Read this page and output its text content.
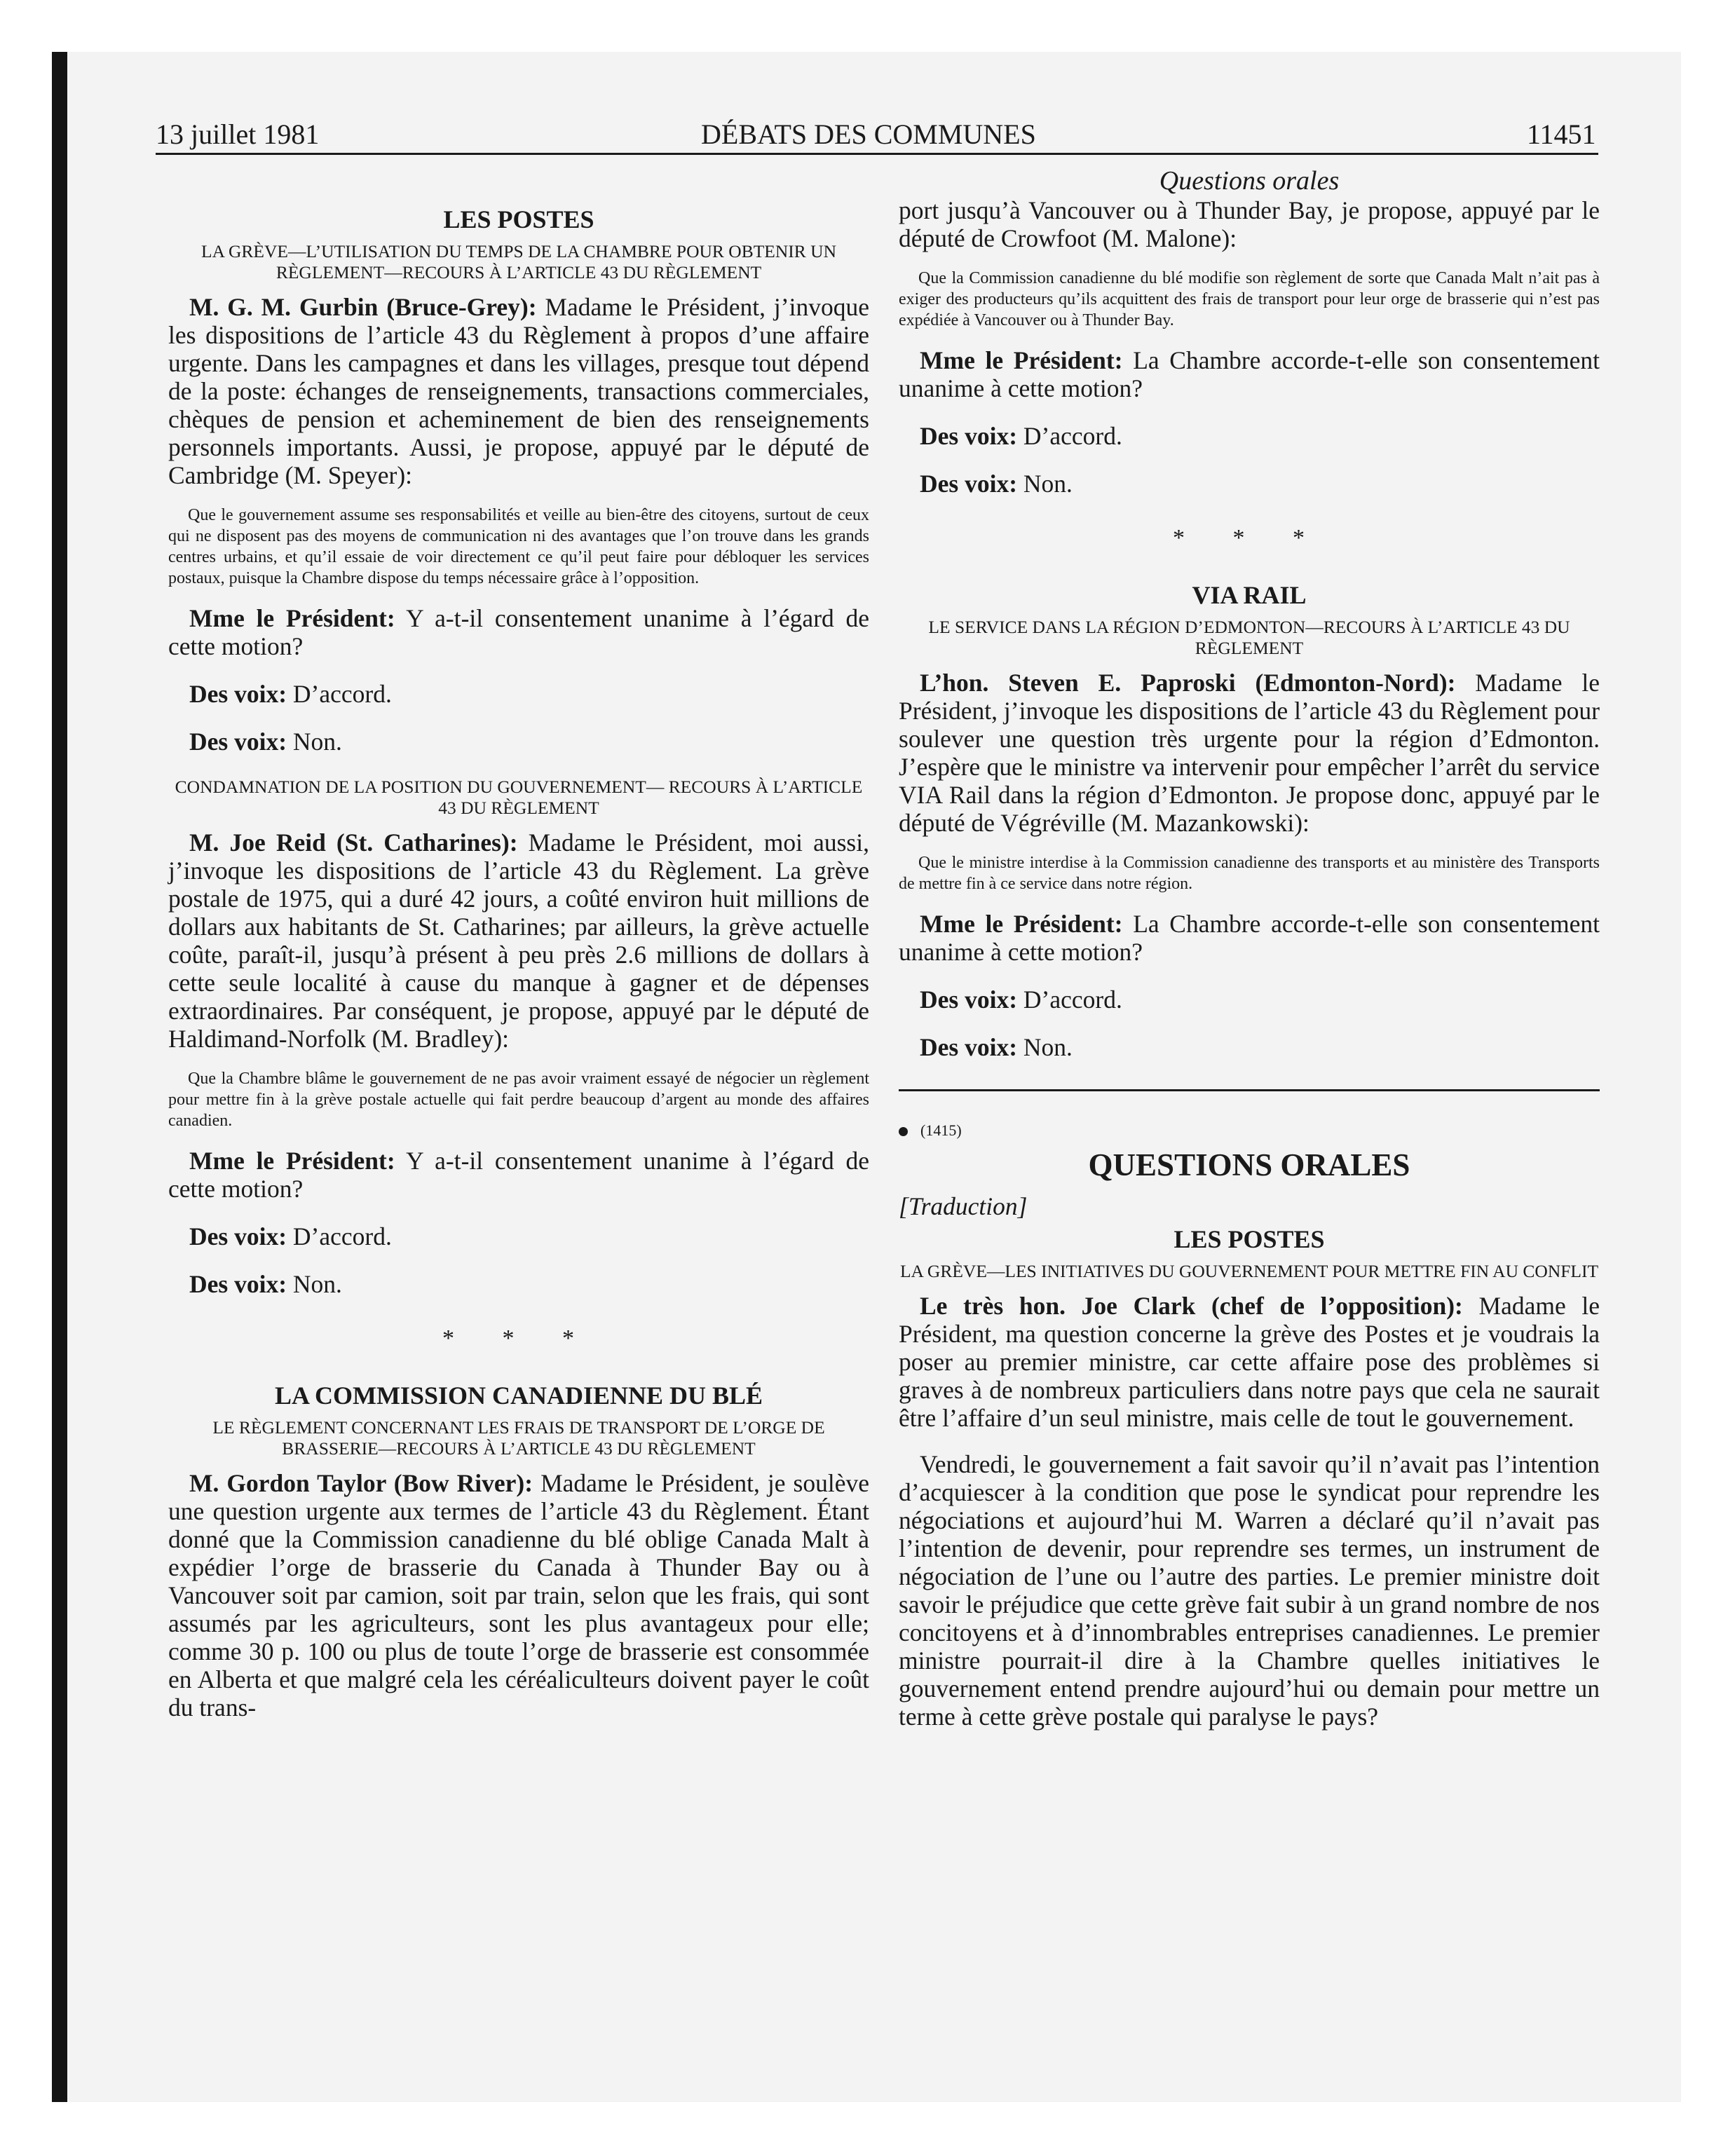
13 juillet 1981	DÉBATS DES COMMUNES	11451
LES POSTES
LA GRÈVE—L’UTILISATION DU TEMPS DE LA CHAMBRE POUR OBTENIR UN RÈGLEMENT—RECOURS À L’ARTICLE 43 DU RÈGLEMENT

M. G. M. Gurbin (Bruce-Grey): Madame le Président, j’invoque les dispositions de l’article 43 du Règlement à propos d’une affaire urgente. Dans les campagnes et dans les villages, presque tout dépend de la poste: échanges de renseignements, transactions commerciales, chèques de pension et acheminement de bien des renseignements personnels importants. Aussi, je propose, appuyé par le député de Cambridge (M. Speyer):

Que le gouvernement assume ses responsabilités et veille au bien-être des citoyens, surtout de ceux qui ne disposent pas des moyens de communication ni des avantages que l’on trouve dans les grands centres urbains, et qu’il essaie de voir directement ce qu’il peut faire pour débloquer les services postaux, puisque la Chambre dispose du temps nécessaire grâce à l’opposition.

Mme le Président: Y a-t-il consentement unanime à l’égard de cette motion?

Des voix: D’accord.

Des voix: Non.

CONDAMNATION DE LA POSITION DU GOUVERNEMENT— RECOURS À L’ARTICLE 43 DU RÈGLEMENT

M. Joe Reid (St. Catharines): Madame le Président, moi aussi, j’invoque les dispositions de l’article 43 du Règlement. La grève postale de 1975, qui a duré 42 jours, a coûté environ huit millions de dollars aux habitants de St. Catharines; par ailleurs, la grève actuelle coûte, paraît-il, jusqu’à présent à peu près 2.6 millions de dollars à cette seule localité à cause du manque à gagner et de dépenses extraordinaires. Par conséquent, je propose, appuyé par le député de Haldimand-Norfolk (M. Bradley):

Que la Chambre blâme le gouvernement de ne pas avoir vraiment essayé de négocier un règlement pour mettre fin à la grève postale actuelle qui fait perdre beaucoup d’argent au monde des affaires canadien.

Mme le Président: Y a-t-il consentement unanime à l’égard de cette motion?

Des voix: D’accord.

Des voix: Non.

* * *
LA COMMISSION CANADIENNE DU BLÉ
LE RÈGLEMENT CONCERNANT LES FRAIS DE TRANSPORT DE L’ORGE DE BRASSERIE—RECOURS À L’ARTICLE 43 DU RÈGLEMENT

M. Gordon Taylor (Bow River): Madame le Président, je soulève une question urgente aux termes de l’article 43 du Règlement. Étant donné que la Commission canadienne du blé oblige Canada Malt à expédier l’orge de brasserie du Canada à Thunder Bay ou à Vancouver soit par camion, soit par train, selon que les frais, qui sont assumés par les agriculteurs, sont les plus avantageux pour elle; comme 30 p. 100 ou plus de toute l’orge de brasserie est consommée en Alberta et que malgré cela les céréaliculteurs doivent payer le coût du trans-

Questions orales

port jusqu’à Vancouver ou à Thunder Bay, je propose, appuyé par le député de Crowfoot (M. Malone):

Que la Commission canadienne du blé modifie son règlement de sorte que Canada Malt n’ait pas à exiger des producteurs qu’ils acquittent des frais de transport pour leur orge de brasserie qui n’est pas expédiée à Vancouver ou à Thunder Bay.

Mme le Président: La Chambre accorde-t-elle son consentement unanime à cette motion?

Des voix: D’accord.

Des voix: Non.

* * *
VIA RAIL
LE SERVICE DANS LA RÉGION D’EDMONTON—RECOURS À L’ARTICLE 43 DU RÈGLEMENT

L’hon. Steven E. Paproski (Edmonton-Nord): Madame le Président, j’invoque les dispositions de l’article 43 du Règlement pour soulever une question très urgente pour la région d’Edmonton. J’espère que le ministre va intervenir pour empêcher l’arrêt du service VIA Rail dans la région d’Edmonton. Je propose donc, appuyé par le député de Végréville (M. Mazankowski):

Que le ministre interdise à la Commission canadienne des transports et au ministère des Transports de mettre fin à ce service dans notre région.

Mme le Président: La Chambre accorde-t-elle son consentement unanime à cette motion?

Des voix: D’accord.

Des voix: Non.

(1415)
QUESTIONS ORALES

[Traduction]

LES POSTES
LA GRÈVE—LES INITIATIVES DU GOUVERNEMENT POUR METTRE FIN AU CONFLIT

Le très hon. Joe Clark (chef de l’opposition): Madame le Président, ma question concerne la grève des Postes et je voudrais la poser au premier ministre, car cette affaire pose des problèmes si graves à de nombreux particuliers dans notre pays que cela ne saurait être l’affaire d’un seul ministre, mais celle de tout le gouvernement.

Vendredi, le gouvernement a fait savoir qu’il n’avait pas l’intention d’acquiescer à la condition que pose le syndicat pour reprendre les négociations et aujourd’hui M. Warren a déclaré qu’il n’avait pas l’intention de devenir, pour reprendre ses termes, un instrument de négociation de l’une ou l’autre des parties. Le premier ministre doit savoir le préjudice que cette grève fait subir à un grand nombre de nos concitoyens et à d’innombrables entreprises canadiennes. Le premier ministre pourrait-il dire à la Chambre quelles initiatives le gouvernement entend prendre aujourd’hui ou demain pour mettre un terme à cette grève postale qui paralyse le pays?
